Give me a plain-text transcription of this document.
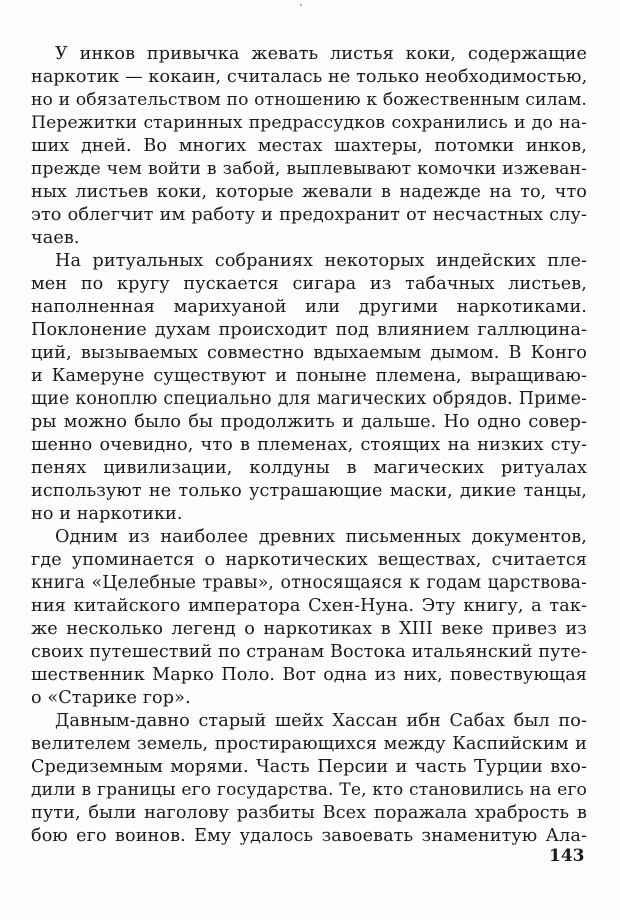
У инков привычка жевать листья коки, содержащие
наркотик — кокаин, считалась не только необходимостью,
но и обязательством по отношению к божественным силам.
Пережитки старинных предрассудков сохранились и до на-
ших дней. Во многих местах шахтеры, потомки инков,
прежде чем войти в забой, выплевывают комочки изжеван-
ных листьев коки, которые жевали в надежде на то, что
это облегчит им работу и предохранит от несчастных слу-
чаев.
На ритуальных собраниях некоторых индейских пле-
мен по кругу пускается сигара из табачных листьев,
наполненная марихуаной или другими наркотиками.
Поклонение духам происходит под влиянием галлюцина-
ций, вызываемых совместно вдыхаемым дымом. В Конго
и Камеруне существуют и поныне племена, выращиваю-
щие коноплю специально для магических обрядов. Приме-
ры можно было бы продолжить и дальше. Но одно совер-
шенно очевидно, что в племенах, стоящих на низких сту-
пенях цивилизации, колдуны в магических ритуалах
используют не только устрашающие маски, дикие танцы,
но и наркотики.
Одним из наиболее древних письменных документов,
где упоминается о наркотических веществах, считается
книга «Целебные травы», относящаяся к годам царствова-
ния китайского императора Схен-Нуна. Эту книгу, а так-
же несколько легенд о наркотиках в XIII веке привез из
своих путешествий по странам Востока итальянский путе-
шественник Марко Поло. Вот одна из них, повествующая
о «Старике гор».
Давным-давно старый шейх Хассан ибн Сабах был по-
велителем земель, простирающихся между Каспийским и
Средиземным морями. Часть Персии и часть Турции вхо-
дили в границы его государства. Те, кто становились на его
пути, были наголову разбиты Всех поражала храбрость в
бою его воинов. Ему удалось завоевать знаменитую Ала-
143
